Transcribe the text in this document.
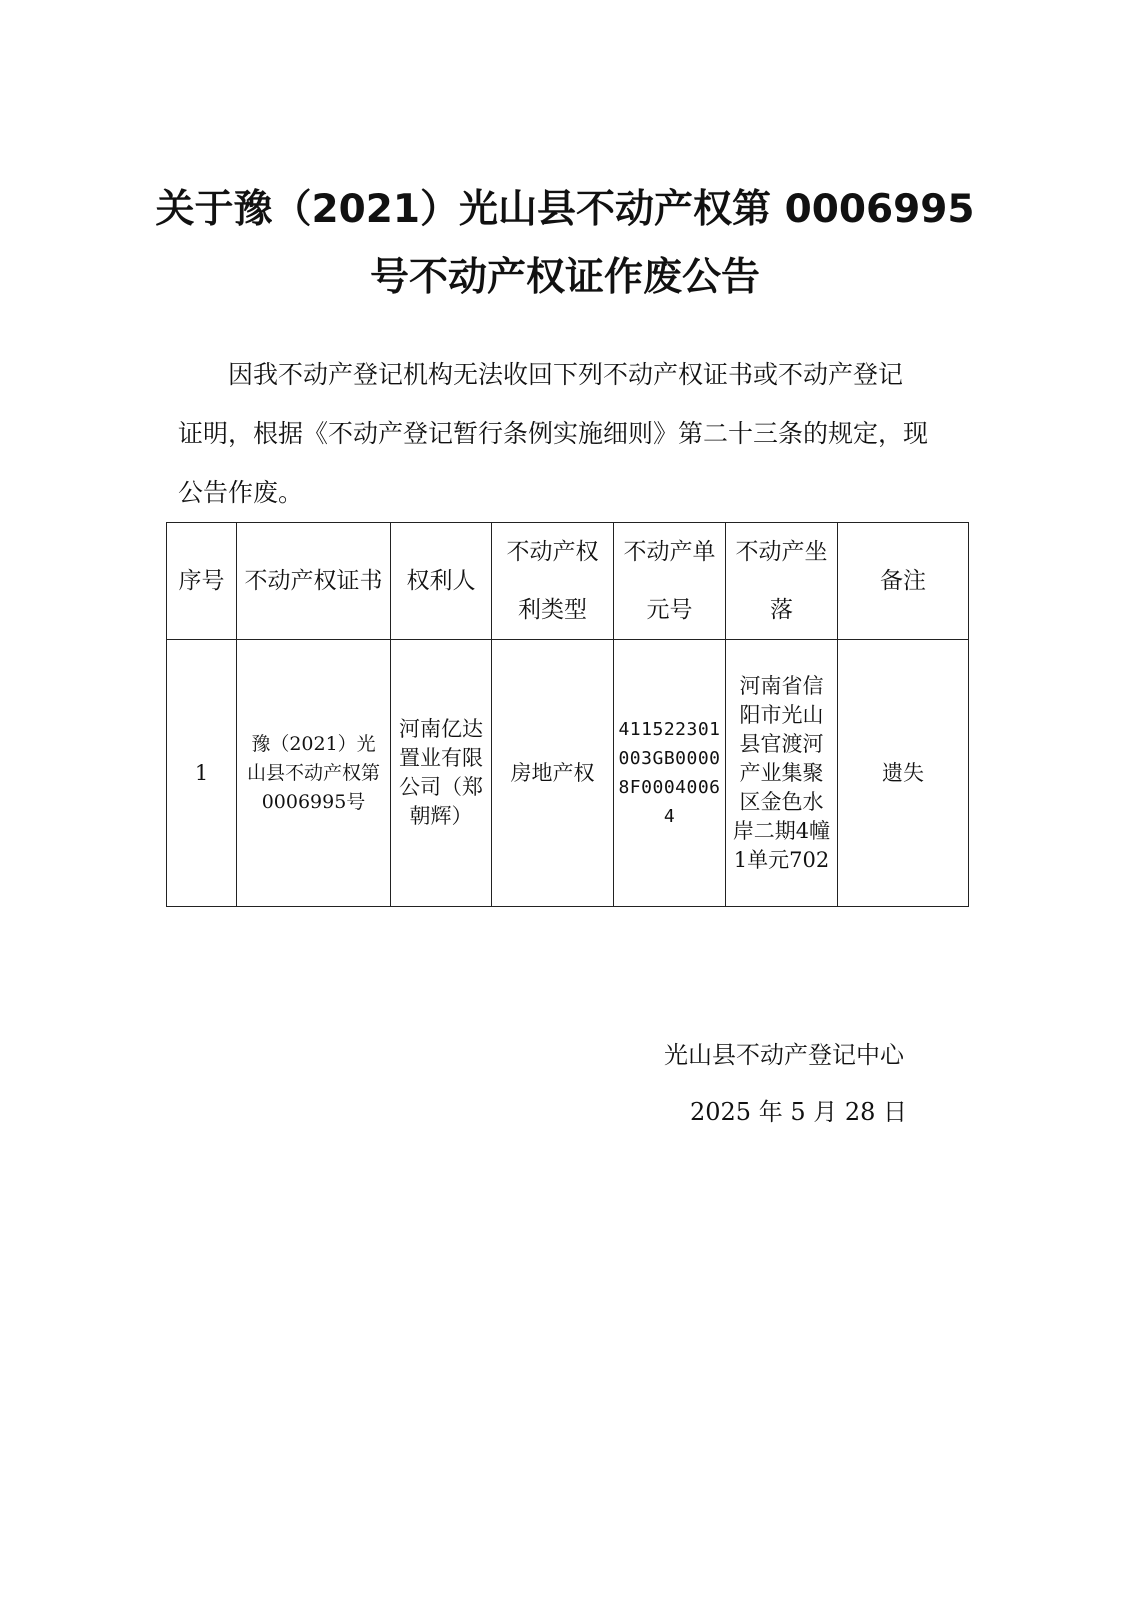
关于豫（2021）光山县不动产权第 0006995
号不动产权证作废公告
因我不动产登记机构无法收回下列不动产权证书或不动产登记
证明，根据《不动产登记暂行条例实施细则》第二十三条的规定，现
公告作废。
序号	不动产权证书	权利人	不动产权利类型	不动产单元号	不动产坐落	备注
1	豫（2021）光山县不动产权第0006995号	河南亿达置业有限公司（郑朝辉）	房地产权	411522301003GB00008F00040064	河南省信阳市光山县官渡河产业集聚区金色水岸二期4幢1单元702	遗失
光山县不动产登记中心
2025 年 5 月 28 日
